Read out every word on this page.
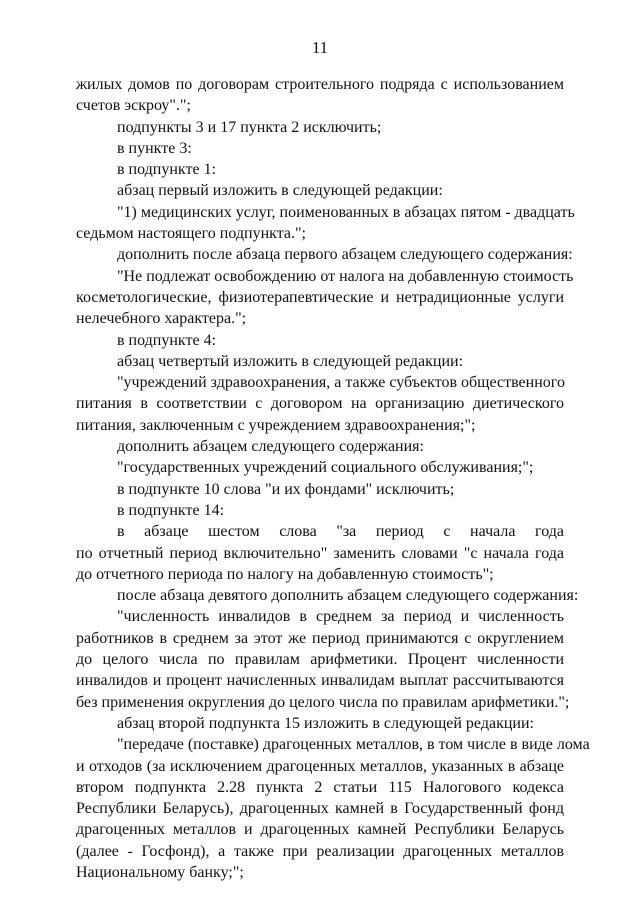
11
жилых домов по договорам строительного подряда с использованием
счетов эскроу".";
подпункты 3 и 17 пункта 2 исключить;
в пункте 3:
в подпункте 1:
абзац первый изложить в следующей редакции:
"1) медицинских услуг, поименованных в абзацах пятом - двадцать
седьмом настоящего подпункта.";
дополнить после абзаца первого абзацем следующего содержания:
"Не подлежат освобождению от налога на добавленную стоимость
косметологические, физиотерапевтические и нетрадиционные услуги
нелечебного характера.";
в подпункте 4:
абзац четвертый изложить в следующей редакции:
"учреждений здравоохранения, а также субъектов общественного
питания в соответствии с договором на организацию диетического
питания, заключенным с учреждением здравоохранения;";
дополнить абзацем следующего содержания:
"государственных учреждений социального обслуживания;";
в подпункте 10 слова "и их фондами" исключить;
в подпункте 14:
в абзаце шестом слова "за период с начала года
по отчетный период включительно" заменить словами "с начала года
до отчетного периода по налогу на добавленную стоимость";
после абзаца девятого дополнить абзацем следующего содержания:
"численность инвалидов в среднем за период и численность
работников в среднем за этот же период принимаются с округлением
до целого числа по правилам арифметики. Процент численности
инвалидов и процент начисленных инвалидам выплат рассчитываются
без применения округления до целого числа по правилам арифметики.";
абзац второй подпункта 15 изложить в следующей редакции:
"передаче (поставке) драгоценных металлов, в том числе в виде лома
и отходов (за исключением драгоценных металлов, указанных в абзаце
втором подпункта 2.28 пункта 2 статьи 115 Налогового кодекса
Республики Беларусь), драгоценных камней в Государственный фонд
драгоценных металлов и драгоценных камней Республики Беларусь
(далее - Госфонд), а также при реализации драгоценных металлов
Национальному банку;";
